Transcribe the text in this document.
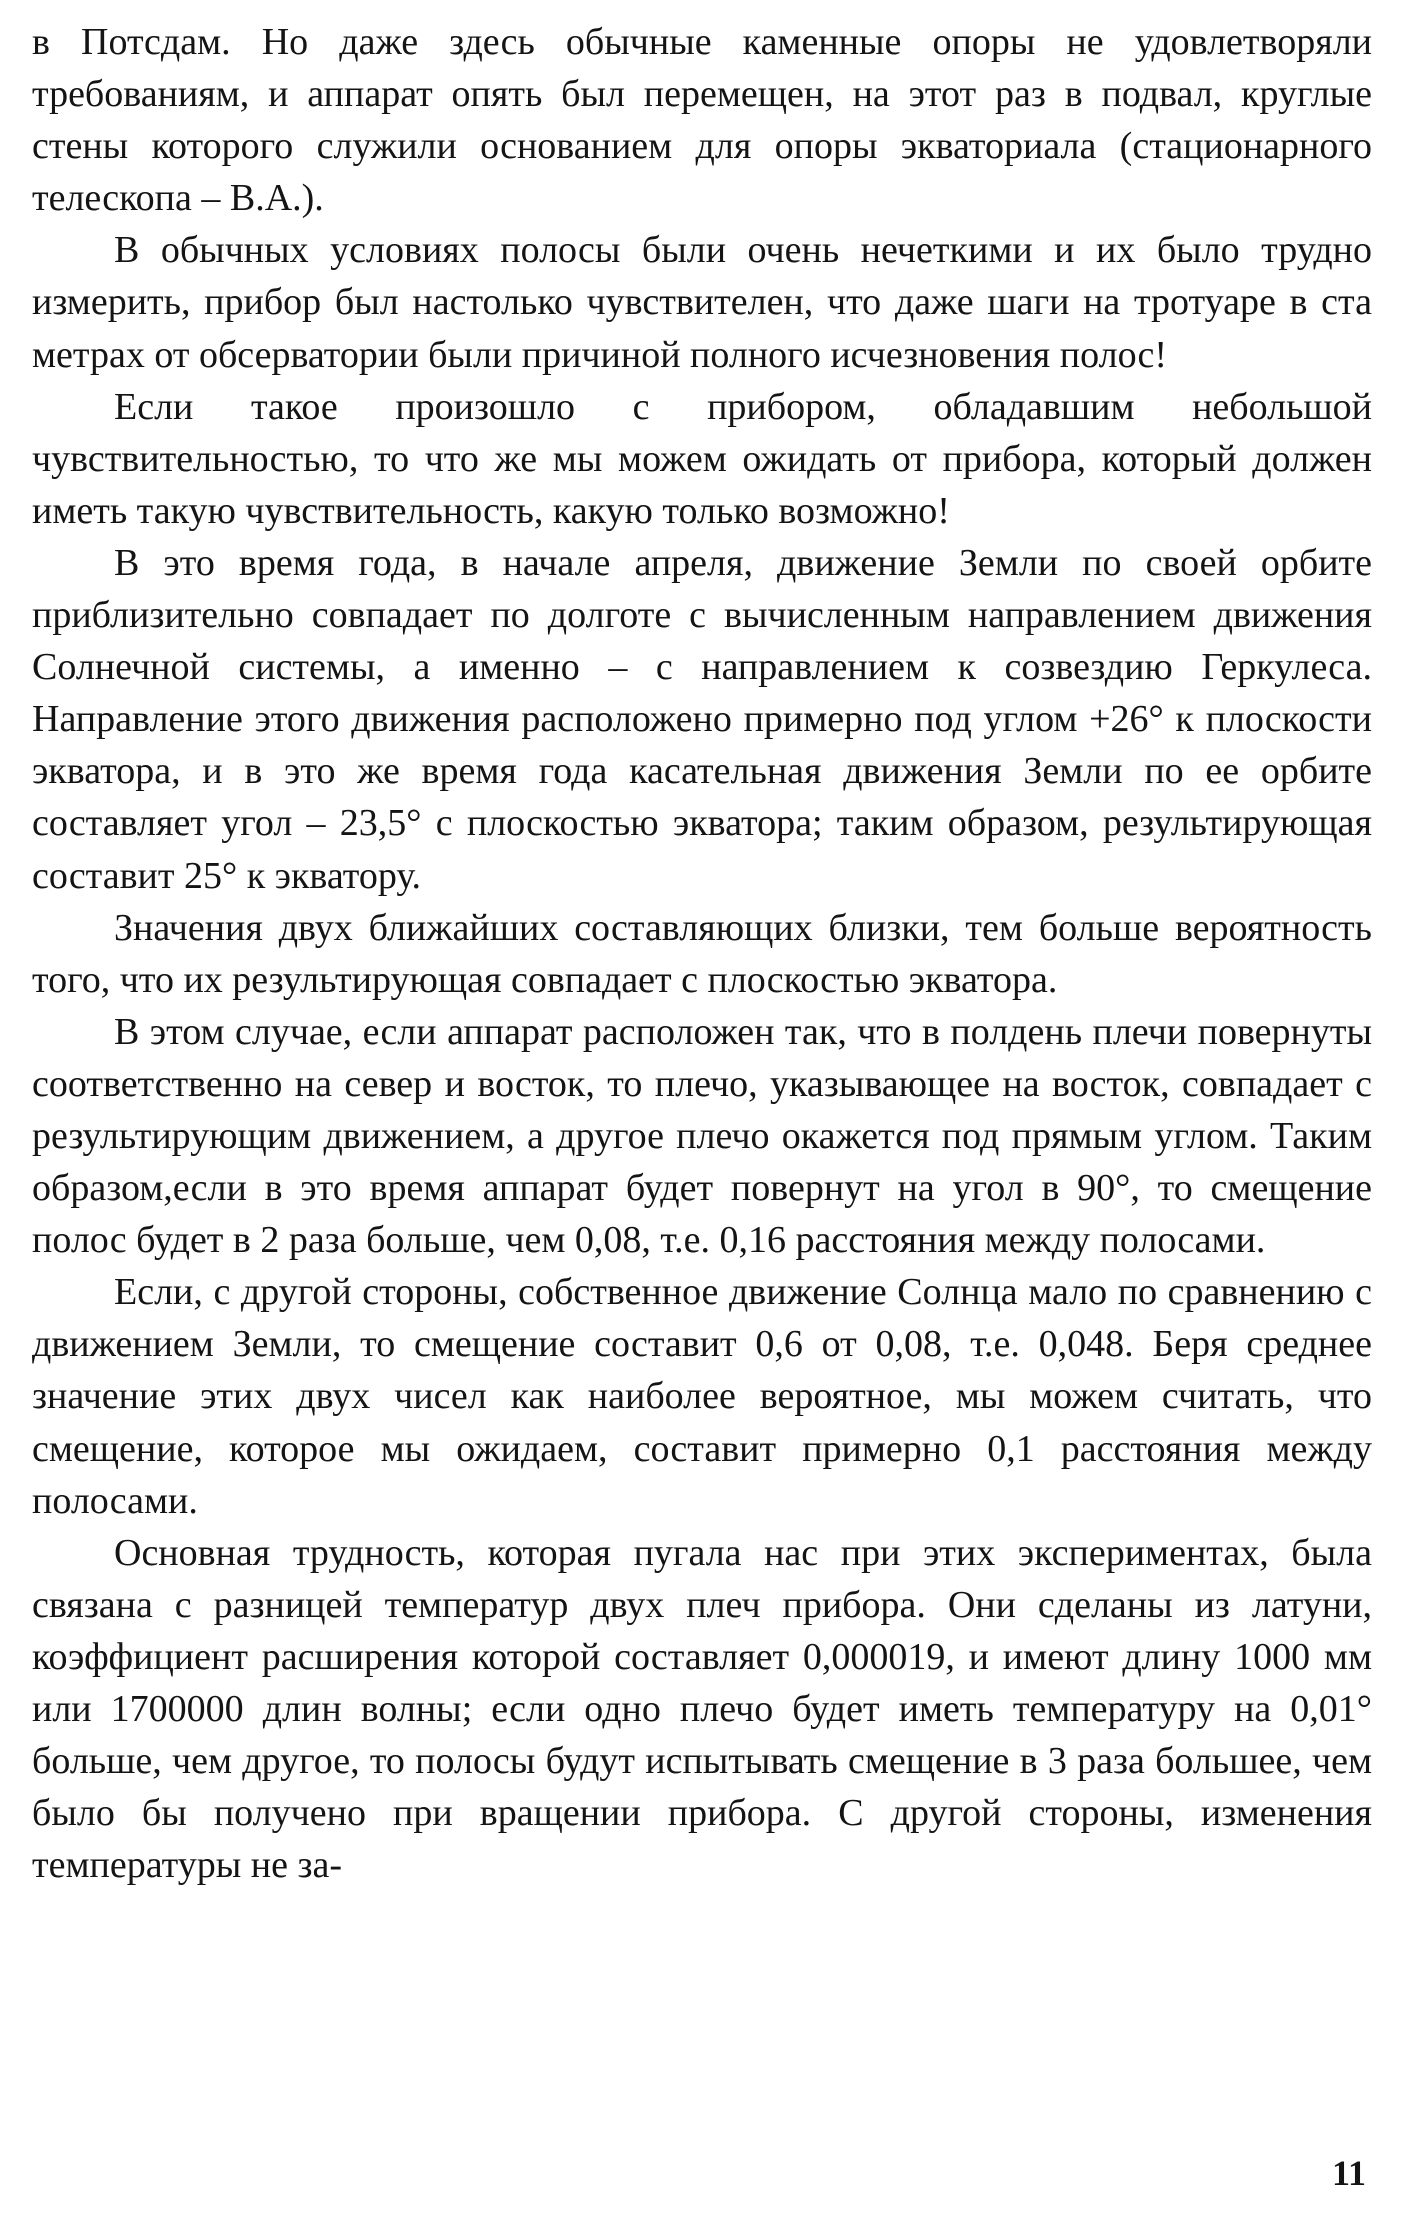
в Потсдам. Но даже здесь обычные каменные опоры не удовлетворяли требованиям, и аппарат опять был перемещен, на этот раз в подвал, круглые стены которого служили основанием для опоры экваториала (стационарного телескопа – В.А.).

В обычных условиях полосы были очень нечеткими и их было трудно измерить, прибор был настолько чувствителен, что даже шаги на тротуаре в ста метрах от обсерватории были причиной полного исчезновения полос!

Если такое произошло с прибором, обладавшим небольшой чувствительностью, то что же мы можем ожидать от прибора, который должен иметь такую чувствительность, какую только возможно!

В это время года, в начале апреля, движение Земли по своей орбите приблизительно совпадает по долготе с вычисленным направлением движения Солнечной системы, а именно – с направлением к созвездию Геркулеса. Направление этого движения расположено примерно под углом +26° к плоскости экватора, и в это же время года касательная движения Земли по ее орбите составляет угол – 23,5° с плоскостью экватора; таким образом, результирующая составит 25° к экватору.

Значения двух ближайших составляющих близки, тем больше вероятность того, что их результирующая совпадает с плоскостью экватора.

В этом случае, если аппарат расположен так, что в полдень плечи повернуты соответственно на север и восток, то плечо, указывающее на восток, совпадает с результирующим движением, а другое плечо окажется под прямым углом. Таким образом,если в это время аппарат будет повернут на угол в 90°, то смещение полос будет в 2 раза больше, чем 0,08, т.е. 0,16 расстояния между полосами.

Если, с другой стороны, собственное движение Солнца мало по сравнению с движением Земли, то смещение составит 0,6 от 0,08, т.е. 0,048. Беря среднее значение этих двух чисел как наиболее вероятное, мы можем считать, что смещение, которое мы ожидаем, составит примерно 0,1 расстояния между полосами.

Основная трудность, которая пугала нас при этих экспериментах, была связана с разницей температур двух плеч прибора. Они сделаны из латуни, коэффициент расширения которой составляет 0,000019, и имеют длину 1000 мм или 1700000 длин волны; если одно плечо будет иметь температуру на 0,01° больше, чем другое, то полосы будут испытывать смещение в 3 раза большее, чем было бы получено при вращении прибора. С другой стороны, изменения температуры не за-

11
